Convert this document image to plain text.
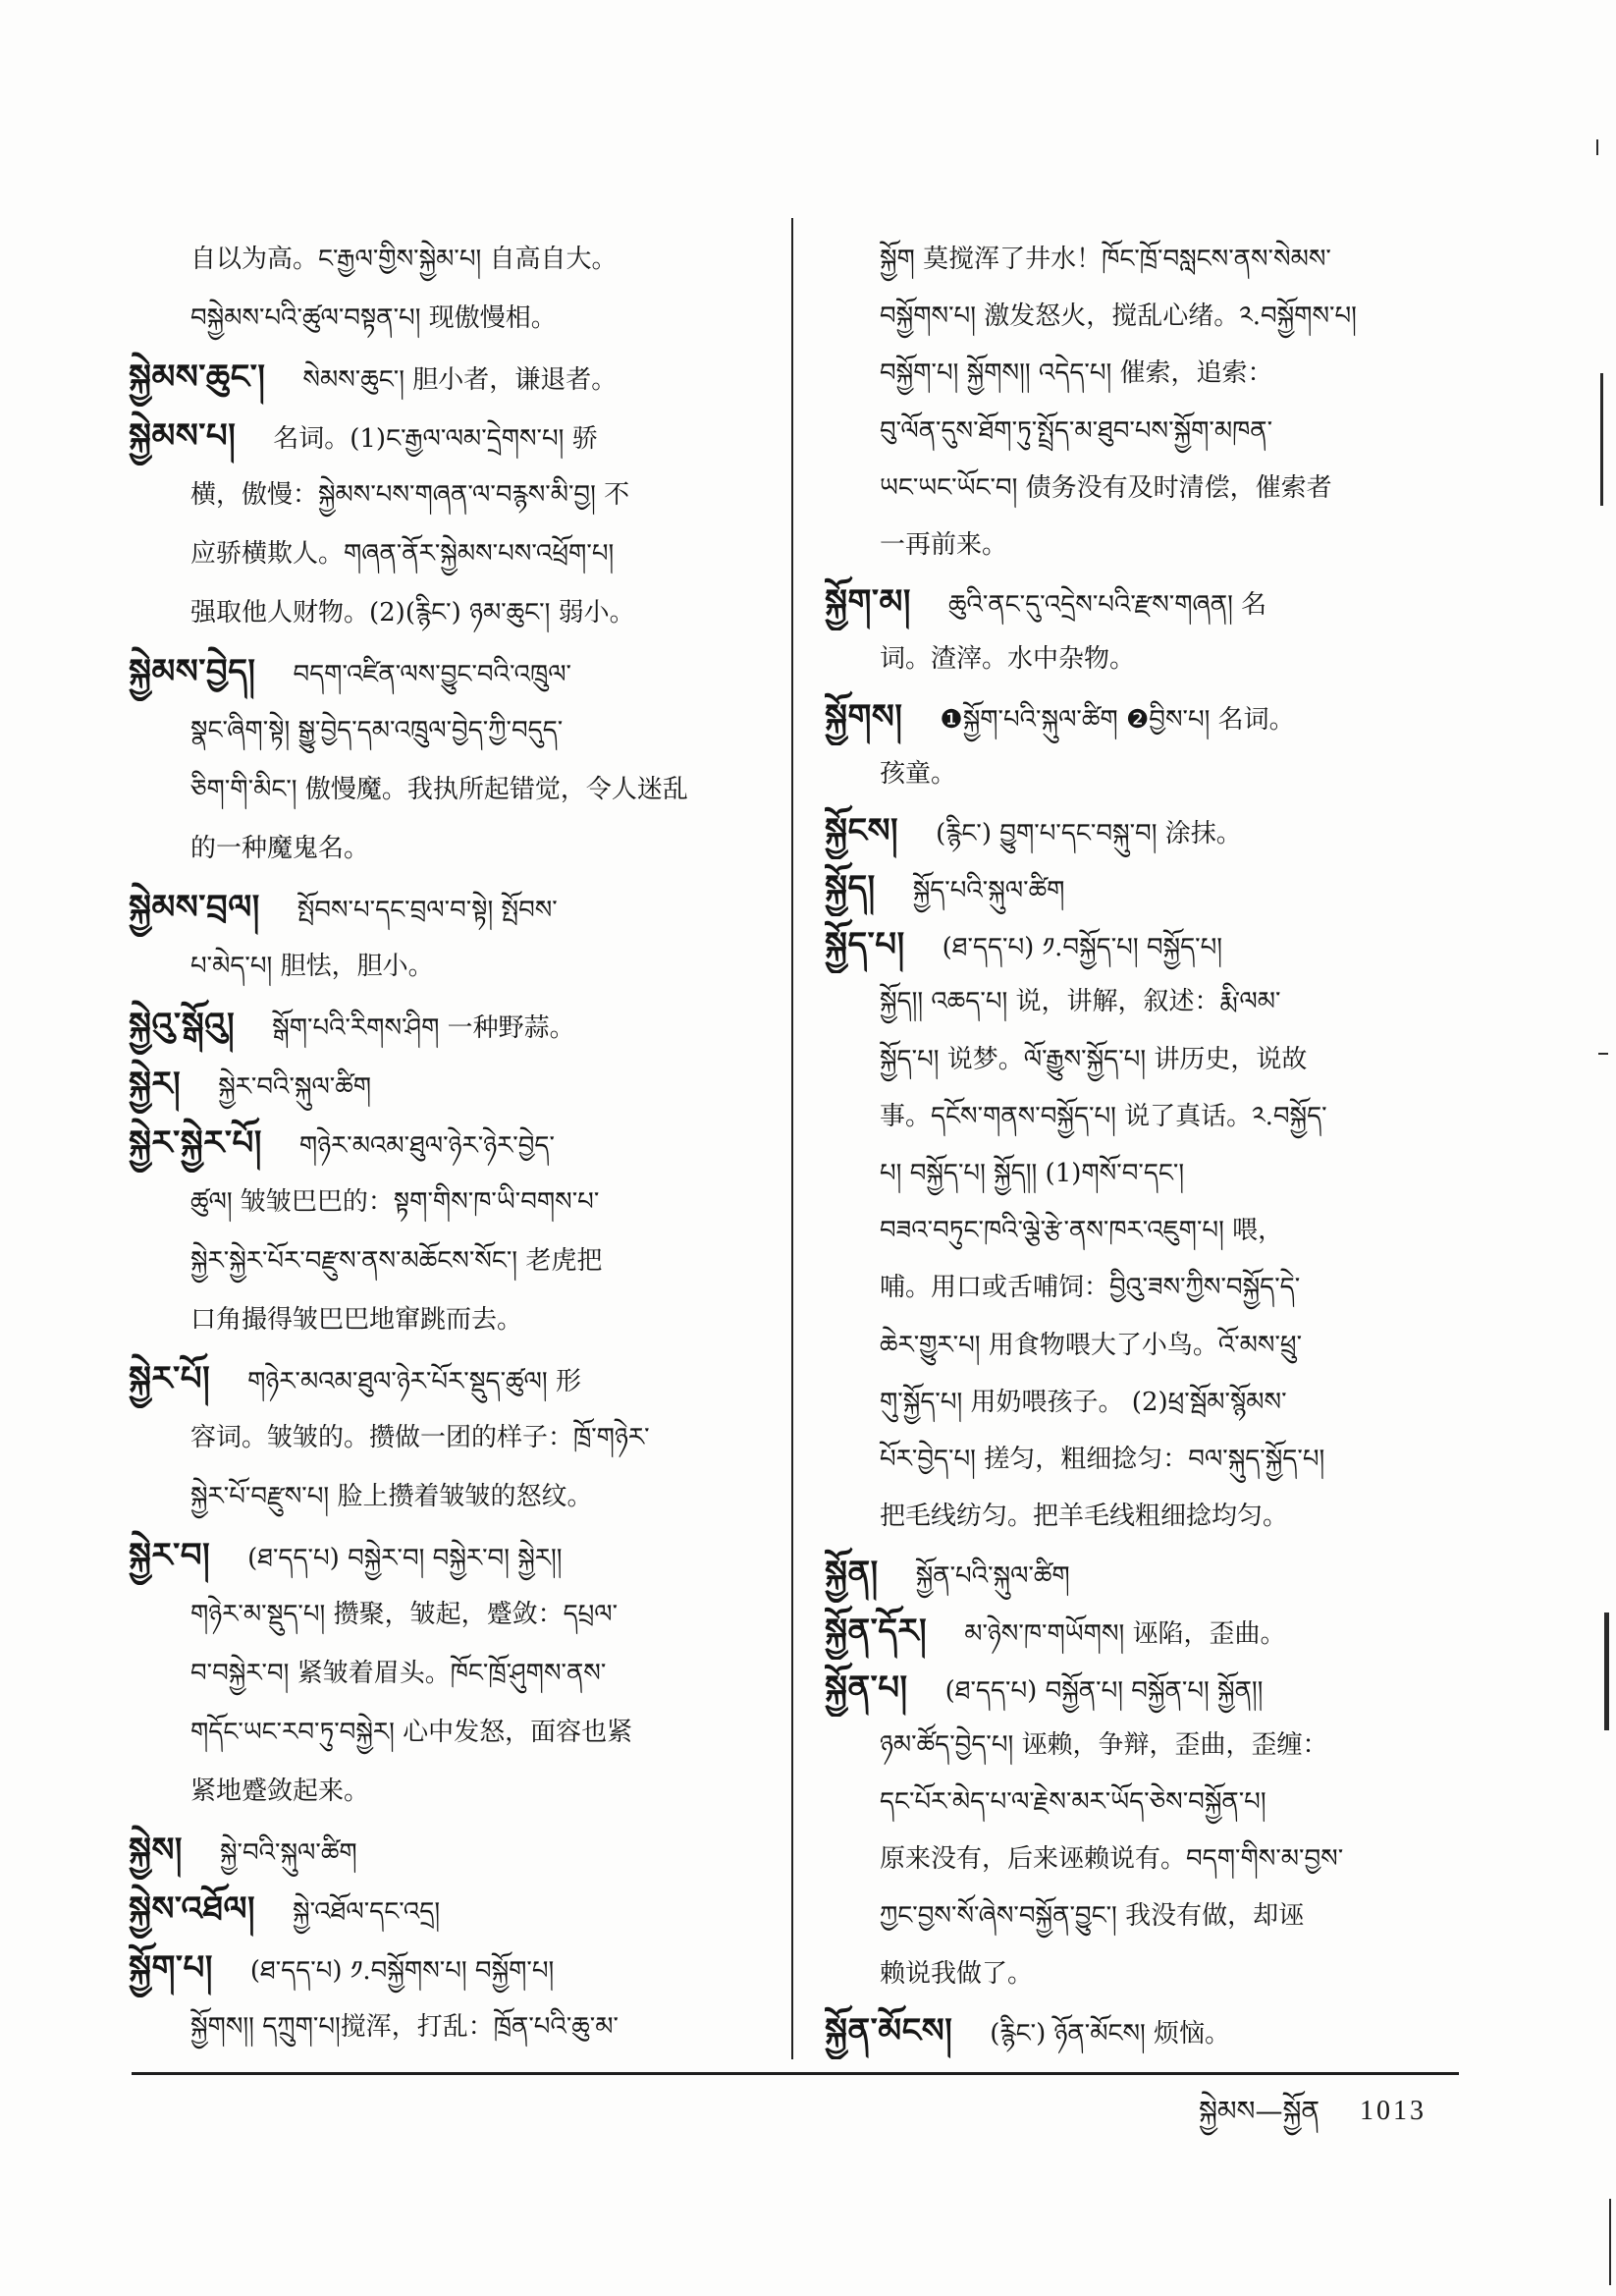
自以为高。ང་རྒྱལ་གྱིས་སྐྱེམ་པ། 自高自大。
བསྐྱེམས་པའི་ཚུལ་བསྟན་པ། 现傲慢相。
སྐྱེམས་ཆུང་། སེམས་ཆུང་། 胆小者，谦退者。
སྐྱེམས་པ། 名词。(1)ང་རྒྱལ་ལམ་དྲེགས་པ། 骄
横，傲慢：སྐྱེམས་པས་གཞན་ལ་བརྙས་མི་བྱ། 不
应骄横欺人。གཞན་ནོར་སྐྱེམས་པས་འཕྲོག་པ།
强取他人财物。(2)(རྙིང་) ཉམ་ཆུང་། 弱小。
སྐྱེམས་བྱེད། བདག་འཛིན་ལས་བྱུང་བའི་འཁྲུལ་
སྣང་ཞིག་སྟེ། སྒྱུ་བྱེད་དམ་འཁྲུལ་བྱེད་ཀྱི་བདུད་
ཅིག་གི་མིང་། 傲慢魔。我执所起错觉，令人迷乱
的一种魔鬼名。
སྐྱེམས་བྲལ། སྤོབས་པ་དང་བྲལ་བ་སྟེ། སྤོབས་
པ་མེད་པ། 胆怯，胆小。
སྐྱེའུ་སྒོའུ། སྒོག་པའི་རིགས་ཤིག 一种野蒜。
སྐྱེར། སྐྱེར་བའི་སྐུལ་ཚིག
སྐྱེར་སྐྱེར་པོ། གཉེར་མའམ་ཐུལ་ཉེར་ཉེར་བྱེད་
ཚུལ། 皱皱巴巴的：སྟག་གིས་ཁ་ཡི་བགས་པ་
སྐྱེར་སྐྱེར་པོར་བརྫུས་ནས་མཆོངས་སོང་། 老虎把
口角撮得皱巴巴地窜跳而去。
སྐྱེར་པོ། གཉེར་མའམ་ཐུལ་ཉེར་པོར་སྡུད་ཚུལ། 形
容词。皱皱的。攒做一团的样子：ཁྲོ་གཉེར་
སྐྱེར་པོ་བརྫུས་པ། 脸上攒着皱皱的怒纹。
སྐྱེར་བ། (ཐ་དད་པ) བསྐྱེར་བ། བསྐྱེར་བ། སྐྱེར།།
གཉེར་མ་སྡུད་པ། 攒聚，皱起，蹙敛：དཔྲལ་
བ་བསྐྱེར་བ། 紧皱着眉头。ཁོང་ཁྲོ་ཤུགས་ནས་
གདོང་ཡང་རབ་ཏུ་བསྐྱེར། 心中发怒，面容也紧
紧地蹙敛起来。
སྐྱེས། སྐྱེ་བའི་སྐུལ་ཚིག
སྐྱེས་འཐོལ། སྐྱེ་འཐོལ་དང་འདྲ།
སྐྱོག་པ། (ཐ་དད་པ) ༡.བསྐྱོགས་པ། བསྐྱོག་པ།
སྐྱོགས།། དཀྲུག་པ།搅浑，打乱：ཁྲོན་པའི་ཆུ་མ་
སྐྱོག 莫搅浑了井水！ཁོང་ཁྲོ་བསླངས་ནས་སེམས་
བསྐྱོགས་པ། 激发怒火，搅乱心绪。༢.བསྐྱོགས་པ།
བསྐྱོག་པ། སྐྱོགས།། འདེད་པ། 催索，追索：
བུ་ལོན་དུས་ཐོག་ཏུ་སྤྲོད་མ་ཐུབ་པས་སྐྱོག་མཁན་
ཡང་ཡང་ཡོང་བ། 债务没有及时清偿，催索者
一再前来。
སྐྱོག་མ། ཆུའི་ནང་དུ་འདྲེས་པའི་རྫས་གཞན། 名
词。渣滓。水中杂物。
སྐྱོགས། ❶སྐྱོག་པའི་སྐུལ་ཚིག ❷བྱིས་པ། 名词。
孩童。
སྐྱོངས། (རྙིང་) བྱུག་པ་དང་བསྐུ་བ། 涂抹。
སྐྱོད། སྐྱོད་པའི་སྐུལ་ཚིག
སྐྱོད་པ། (ཐ་དད་པ) ༡.བསྐྱོད་པ། བསྐྱོད་པ།
སྐྱོད།། འཆད་པ། 说，讲解，叙述：རྨི་ལམ་
སྐྱོད་པ། 说梦。ལོ་རྒྱུས་སྐྱོད་པ། 讲历史，说故
事。དངོས་གནས་བསྐྱོད་པ། 说了真话。༢.བསྐྱོད་
པ། བསྐྱོད་པ། སྐྱོད།། (1)གསོ་བ་དང་།
བཟའ་བཏུང་ཁའི་ལྕེ་རྩེ་ནས་ཁར་འཇུག་པ། 喂，
哺。用口或舌哺饲：བྱིའུ་ཟས་ཀྱིས་བསྐྱོད་དེ་
ཆེར་གྱུར་པ། 用食物喂大了小鸟。འོ་མས་ཕྲུ་
གུ་སྐྱོད་པ། 用奶喂孩子。 (2)ཕྲ་སྦོམ་སྙོམས་
པོར་བྱེད་པ། 搓匀，粗细捻匀：བལ་སྐུད་སྐྱོད་པ།
把毛线纺匀。把羊毛线粗细捻均匀。
སྐྱོན། སྐྱོན་པའི་སྐུལ་ཚིག
སྐྱོན་དོར། མ་ཉེས་ཁ་གཡོགས། 诬陷，歪曲。
སྐྱོན་པ། (ཐ་དད་པ) བསྐྱོན་པ། བསྐྱོན་པ། སྐྱོན།།
ཉམ་ཚོད་བྱེད་པ། 诬赖，争辩，歪曲，歪缠：
དང་པོར་མེད་པ་ལ་རྗེས་མར་ཡོད་ཅེས་བསྐྱོན་པ།
原来没有，后来诬赖说有。བདག་གིས་མ་བྱས་
ཀྱང་བྱས་སོ་ཞེས་བསྐྱོན་བྱུང་། 我没有做，却诬
赖说我做了。
སྐྱོན་མོངས། (རྙིང་) ཉོན་མོངས། 烦恼。
སྐྱེམས—སྐྱོན 1013
